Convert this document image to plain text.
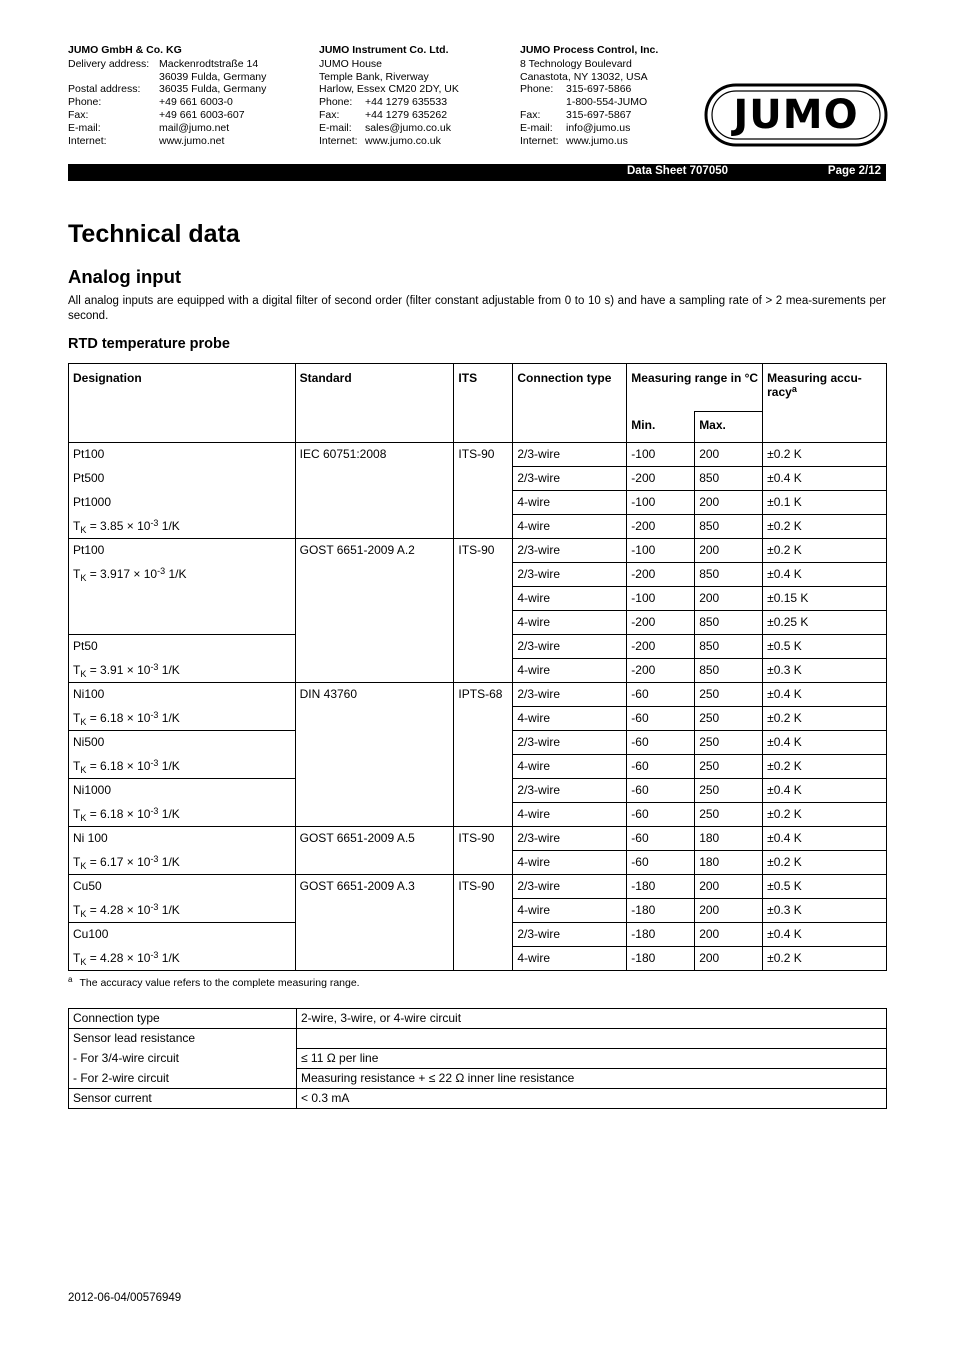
JUMO GmbH & Co. KG
Delivery address: Mackenrodtstraße 14
36039 Fulda, Germany
Postal address:	36035 Fulda, Germany
Phone:	+49 661 6003-0
Fax:	+49 661 6003-607
E-mail:	mail@jumo.net
Internet:	www.jumo.net
JUMO Instrument Co. Ltd.
JUMO House
Temple Bank, Riverway
Harlow, Essex CM20 2DY, UK
Phone:	+44 1279 635533
Fax:	+44 1279 635262
E-mail:	sales@jumo.co.uk
Internet: www.jumo.co.uk
JUMO Process Control, Inc.
8 Technology Boulevard
Canastota, NY 13032, USA
Phone:	315-697-5866
1-800-554-JUMO
Fax:	315-697-5867
E-mail:	info@jumo.us
Internet: www.jumo.us
JUMO
Data Sheet 707050	Page 2/12
Technical data
Analog input

All analog inputs are equipped with a digital filter of second order (filter constant adjustable from 0 to 10 s) and have a sampling rate of > 2 mea-surements per second.

RTD temperature probe
Designation	Standard	ITS	Connection type	Measuring range in °C		Measuring accu-racy$^a$
				Min.	Max.	
Pt100	IEC 60751:2008	ITS-90	2/3-wire	-100	200	±0.2 K
Pt500			2/3-wire	-200	850	±0.4 K
Pt1000			4-wire	-100	200	±0.1 K
$T_K = 3.85 \times 10^{-3}$ 1/K			4-wire	-200	850	±0.2 K
Pt100	GOST 6651-2009 A.2	ITS-90	2/3-wire	-100	200	±0.2 K
$T_K = 3.917 \times 10^{-3}$ 1/K			2/3-wire	-200	850	±0.4 K
			4-wire	-100	200	±0.15 K
			4-wire	-200	850	±0.25 K
Pt50			2/3-wire	-200	850	±0.5 K
$T_K = 3.91 \times 10^{-3}$ 1/K			4-wire	-200	850	±0.3 K
Ni100	DIN 43760	IPTS-68	2/3-wire	-60	250	±0.4 K
$T_K = 6.18 \times 10^{-3}$ 1/K			4-wire	-60	250	±0.2 K
Ni500			2/3-wire	-60	250	±0.4 K
$T_K = 6.18 \times 10^{-3}$ 1/K			4-wire	-60	250	±0.2 K
Ni1000			2/3-wire	-60	250	±0.4 K
$T_K = 6.18 \times 10^{-3}$ 1/K			4-wire	-60	250	±0.2 K
Ni 100	GOST 6651-2009 A.5	ITS-90	2/3-wire	-60	180	±0.4 K
$T_K = 6.17 \times 10^{-3}$ 1/K			4-wire	-60	180	±0.2 K
Cu50	GOST 6651-2009 A.3	ITS-90	2/3-wire	-180	200	±0.5 K
$T_K = 4.28 \times 10^{-3}$ 1/K			4-wire	-180	200	±0.3 K
Cu100			2/3-wire	-180	200	±0.4 K
$T_K = 4.28 \times 10^{-3}$ 1/K			4-wire	-180	200	±0.2 K
$^a$ The accuracy value refers to the complete measuring range.
Connection type	2-wire, 3-wire, or 4-wire circuit
Sensor lead resistance	
- For 3/4-wire circuit	≤ 11 Ω per line
- For 2-wire circuit	Measuring resistance + ≤ 22 Ω inner line resistance
Sensor current	< 0.3 mA
2012-06-04/00576949
